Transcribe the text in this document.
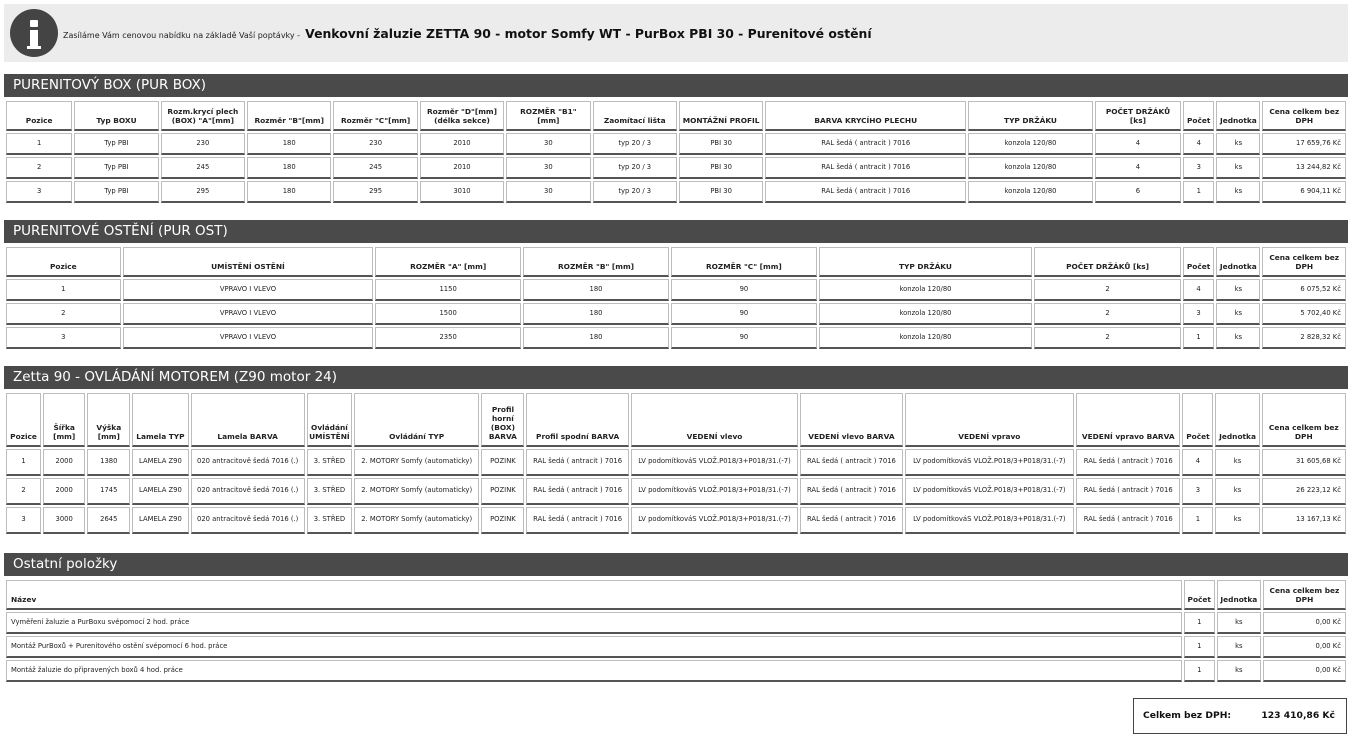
Zasíláme Vám cenovou nabídku na základě Vaší poptávky - Venkovní žaluzie ZETTA 90 - motor Somfy WT - PurBox PBI 30 - Purenitové ostění
PURENITOVÝ BOX (PUR BOX)
Pozice	Typ BOXU	Rozm.krycí plech (BOX) "A"[mm]	Rozměr "B"[mm]	Rozměr "C"[mm]	Rozměr "D"[mm] (délka sekce)	ROZMĚR "B1" [mm]	Zaomítací lišta	MONTÁŽNÍ PROFIL	BARVA KRYCÍHO PLECHU	TYP DRŽÁKU	POČET DRŽÁKŮ [ks]	Počet	Jednotka	Cena celkem bez DPH
1	Typ PBI	230	180	230	2010	30	typ 20 / 3	PBI 30	RAL šedá ( antracit ) 7016	konzola 120/80	4	4	ks	17 659,76 Kč
2	Typ PBI	245	180	245	2010	30	typ 20 / 3	PBI 30	RAL šedá ( antracit ) 7016	konzola 120/80	4	3	ks	13 244,82 Kč
3	Typ PBI	295	180	295	3010	30	typ 20 / 3	PBI 30	RAL šedá ( antracit ) 7016	konzola 120/80	6	1	ks	6 904,11 Kč
PURENITOVÉ OSTĚNÍ (PUR OST)
Pozice	UMÍSTĚNÍ OSTĚNÍ	ROZMĚR "A" [mm]	ROZMĚR "B" [mm]	ROZMĚR "C" [mm]	TYP DRŽÁKU	POČET DRŽÁKŮ [ks]	Počet	Jednotka	Cena celkem bez DPH
1	VPRAVO I VLEVO	1150	180	90	konzola 120/80	2	4	ks	6 075,52 Kč
2	VPRAVO I VLEVO	1500	180	90	konzola 120/80	2	3	ks	5 702,40 Kč
3	VPRAVO I VLEVO	2350	180	90	konzola 120/80	2	1	ks	2 828,32 Kč
Zetta 90 - OVLÁDÁNÍ MOTOREM (Z90 motor 24)
Pozice	Šířka [mm]	Výška [mm]	Lamela TYP	Lamela BARVA	Ovládání UMÍSTĚNÍ	Ovládání TYP	Profil horní (BOX) BARVA	Profil spodní BARVA	VEDENÍ vlevo	VEDENÍ vlevo BARVA	VEDENÍ vpravo	VEDENÍ vpravo BARVA	Počet	Jednotka	Cena celkem bez DPH
1	2000	1380	LAMELA Z90	020 antracitově šedá 7016 (.)	3. STŘED	2. MOTORY Somfy (automaticky)	POZINK	RAL šedá ( antracit ) 7016	LV podomítkováS VLOŽ.P018/3+P018/31.(-7)	RAL šedá ( antracit ) 7016	LV podomítkováS VLOŽ.P018/3+P018/31.(-7)	RAL šedá ( antracit ) 7016	4	ks	31 605,68 Kč
2	2000	1745	LAMELA Z90	020 antracitově šedá 7016 (.)	3. STŘED	2. MOTORY Somfy (automaticky)	POZINK	RAL šedá ( antracit ) 7016	LV podomítkováS VLOŽ.P018/3+P018/31.(-7)	RAL šedá ( antracit ) 7016	LV podomítkováS VLOŽ.P018/3+P018/31.(-7)	RAL šedá ( antracit ) 7016	3	ks	26 223,12 Kč
3	3000	2645	LAMELA Z90	020 antracitově šedá 7016 (.)	3. STŘED	2. MOTORY Somfy (automaticky)	POZINK	RAL šedá ( antracit ) 7016	LV podomítkováS VLOŽ.P018/3+P018/31.(-7)	RAL šedá ( antracit ) 7016	LV podomítkováS VLOŽ.P018/3+P018/31.(-7)	RAL šedá ( antracit ) 7016	1	ks	13 167,13 Kč
Ostatní položky
Název	Počet	Jednotka	Cena celkem bez DPH
Vyměření žaluzie a PurBoxu svépomocí 2 hod. práce	1	ks	0,00 Kč
Montáž PurBoxů + Purenitového ostění svépomocí 6 hod. práce	1	ks	0,00 Kč
Montáž žaluzie do připravených boxů 4 hod. práce	1	ks	0,00 Kč
Celkem bez DPH:	123 410,86 Kč
